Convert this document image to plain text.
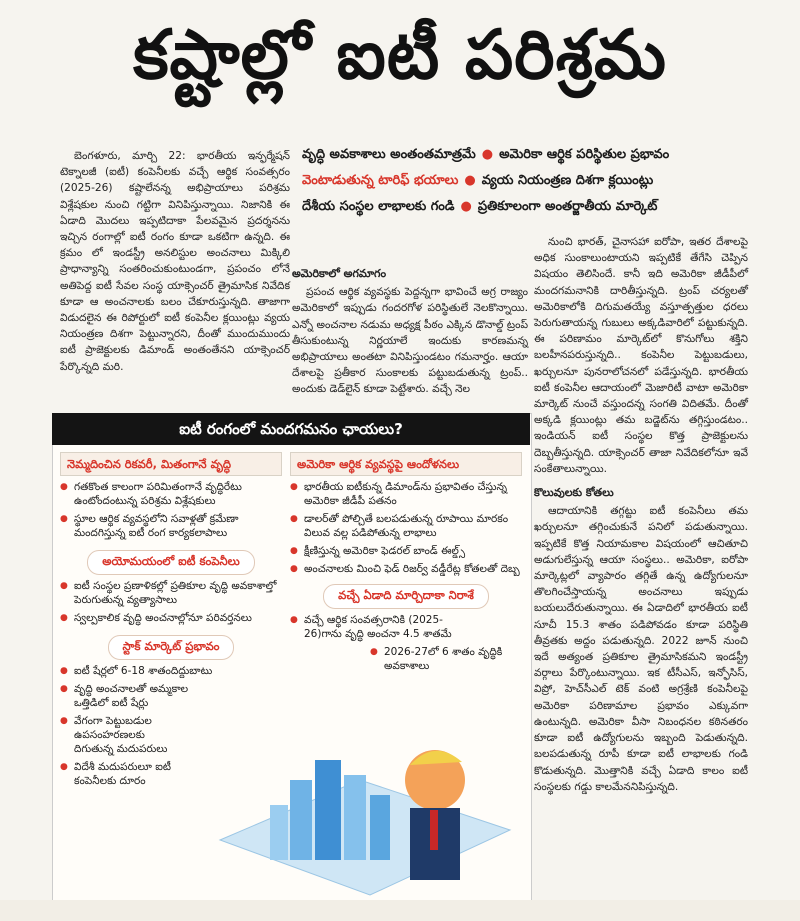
కష్టాల్లో ఐటీ పరిశ్రమ
వృద్ధి అవకాశాలు అంతంతమాత్రమే ● అమెరికా ఆర్థిక పరిస్థితుల ప్రభావం
వెంటాడుతున్న టారిఫ్ భయాలు ● వ్యయ నియంత్రణ దిశగా క్లయింట్లు
దేశీయ సంస్థల లాభాలకు గండి ● ప్రతికూలంగా అంతర్జాతీయ మార్కెట్

బెంగళూరు, మార్చి 22: భారతీయ ఇన్ఫర్మేషన్ టెక్నాలజీ (ఐటీ) కంపెనీలకు వచ్చే ఆర్థిక సంవత్సరం (2025-26) కష్టాలేనన్న అభిప్రాయాలు పరిశ్రమ విశ్లేషకుల నుంచి గట్టిగా వినిపిస్తున్నాయి. నిజానికి ఈ ఏడాది మొదలు ఇప్పటిదాకా పేలవమైన ప్రదర్శనను ఇచ్చిన రంగాల్లో ఐటీ రంగం కూడా ఒకటిగా ఉన్నది. ఈ క్రమం లో ఇండస్ట్రీ అనలిస్టుల అంచనాలు మిక్కిలి ప్రాధాన్యాన్ని సంతరించుకుంటుండగా, ప్రపంచం లోనే అతిపెద్ద ఐటీ సేవల సంస్థ యాక్సెంచర్ త్రైమాసిక నివేదిక కూడా ఆ అంచనాలకు బలం చేకూరుస్తున్నది. తాజాగా విడుదలైన ఈ రిపోర్టులో ఐటీ కంపెనీల క్లయింట్లు వ్యయ నియంత్రణ దిశగా పెట్టున్నారని, దీంతో ముందుముందు ఐటీ ప్రాజెక్టులకు డిమాండ్ అంతంతేనని యాక్సెంచర్ పేర్కొన్నది మరి.

అమెరికాలో అగమాగం

ప్రపంచ ఆర్థిక వ్యవస్థకు పెద్దన్నగా భావించే అగ్ర రాజ్యం అమెరికాలో ఇప్పుడు గందరగోళ పరిస్థితులే నెలకొన్నాయి. ఎన్నో అంచనాల నడుమ అధ్యక్ష పీఠం ఎక్కిన డొనాల్డ్ ట్రంప్ తీసుకుంటున్న నిర్ణయాలే ఇందుకు కారణమన్న అభిప్రాయాలు అంతటా వినిపిస్తుండటం గమనార్హం. ఆయా దేశాలపై ప్రతీకార సుంకాలకు పట్టుబడుతున్న ట్రంప్.. అందుకు డెడ్‌లైన్ కూడా పెట్టేశారు. వచ్చే నెల

నుంచి భారత్, చైనాసహా ఐరోపా, ఇతర దేశాలపై అధిక సుంకాలుంటాయని ఇప్పటికే తేగేసి చెప్పిన విషయం తెలిసిందే. కానీ ఇది అమెరికా జీడీపీలో మందగమనానికి దారితీస్తున్నది. ట్రంప్ చర్యలతో అమెరికాలోకి దిగుమతయ్యే వస్తూత్పత్తుల ధరలు పెరుగుతాయన్న గుబులు అక్కడివారిలో పట్టుకున్నది. ఈ పరిణామం మార్కెట్‌లో కొనుగోలు శక్తిని బలహీనపరుస్తున్నది.. కంపెనీల పెట్టుబడులు, ఖర్చులనూ పునరాలోచనలో పడేస్తున్నది. భారతీయ ఐటీ కంపెనీల ఆదాయంలో మెజారిటీ వాటా అమెరికా మార్కెట్ నుంచే వస్తుందన్న సంగతి విదితమే. దీంతో అక్కడి క్లయింట్లు తమ బడ్జెట్‌ను తగ్గిస్తుండటం.. ఇండియన్ ఐటీ సంస్థల కొత్త ప్రాజెక్టులను దెబ్బతీస్తున్నది. యాక్సెంచర్ తాజా నివేదికలోనూ ఇవే సంకేతాలున్నాయి.

కొలువులకు కోతలు

ఆదాయానికి తగ్గట్టు ఐటీ కంపెనీలు తమ ఖర్చులనూ తగ్గించుకునే పనిలో పడుతున్నాయి. ఇప్పటికే కొత్త నియామకాల విషయంలో ఆచితూచి అడుగులేస్తున్న ఆయా సంస్థలు.. అమెరికా, ఐరోపా మార్కెట్లలో వ్యాపారం తగ్గితే ఉన్న ఉద్యోగులనూ తొలగించేస్తాయన్న అంచనాలు ఇప్పుడు బయలుదేరుతున్నాయి. ఈ ఏడాదిలో భారతీయ ఐటీ సూచీ 15.3 శాతం పడిపోవడం కూడా పరిస్థితి తీవ్రతకు అద్దం పడుతున్నది. 2022 జూన్ నుంచి ఇదే అత్యంత ప్రతికూల త్రైమాసికమని ఇండస్ట్రీ వర్గాలు పేర్కొంటున్నాయి. ఇక టీసీఎస్, ఇన్ఫోసిస్, విప్రో, హెచ్‌సీఎల్ టెక్ వంటి అగ్రశ్రేణి కంపెనీలపై అమెరికా పరిణామాల ప్రభావం ఎక్కువగా ఉంటున్నది. అమెరికా వీసా నిబంధనల కఠినతరం కూడా ఐటీ ఉద్యోగులను ఇబ్బంది పెడుతున్నది. బలపడుతున్న రూపీ కూడా ఐటీ లాభాలకు గండి కొడుతున్నది. మొత్తానికి వచ్చే ఏడాది కాలం ఐటీ సంస్థలకు గడ్డు కాలమేననిపిస్తున్నది.

ఐటీ రంగంలో మందగమనం ఛాయలు?
నెమ్మదించిన రికవరీ, మితంగానే వృద్ధి
● గతకొంత కాలంగా పరిమితంగానే వృద్ధిరేటు ఉంటోందంటున్న పరిశ్రమ విశ్లేషకులు
● స్థూల ఆర్థిక వ్యవస్థలోని సవాళ్లతో క్రమేణా మందగిస్తున్న ఐటీ రంగ కార్యకలాపాలు
అయోమయంలో ఐటీ కంపెనీలు
● ఐటీ సంస్థల ప్రణాళికల్లో ప్రతికూల వృద్ధి అవకాశాల్తో పెరుగుతున్న వ్యత్యాసాలు
● స్వల్పకాలిక వృద్ధి అంచనాల్లోనూ పరివర్తనలు
స్టాక్ మార్కెట్ ప్రభావం
● ఐటీ షేర్లలో 6-18 శాతందిద్దుబాటు
● వృద్ధి అంచనాలతో అమ్మకాల ఒత్తిడిలో ఐటీ షేర్లు
● వేగంగా పెట్టుబడుల ఉపసంహరణలకు దిగుతున్న మదుపరులు
● విదేశీ మదుపరులూ ఐటీ కంపెనీలకు దూరం
అమెరికా ఆర్థిక వ్యవస్థపై ఆందోళనలు
● భారతీయ ఐటీకున్న డిమాండ్‌ను ప్రభావితం చేస్తున్న అమెరికా జీడీపీ పతనం
● డాలర్‌తో పోల్చితే బలపడుతున్న రూపాయి మారకం విలువ వల్ల పడిపోతున్న లాభాలు
● క్షీణిస్తున్న అమెరికా ఫెడరల్ బాండ్ ఈల్డ్స్
● అంచనాలకు మించి ఫెడ్ రిజర్వ్ వడ్డీరేట్ల కోతలతో దెబ్బ
వచ్చే ఏడాది మార్చిదాకా నిరాశే
● వచ్చే ఆర్థిక సంవత్సరానికి (2025-26)గాను వృద్ధి అంచనా 4.5 శాతమే
● 2026-27లో 6 శాతం వృద్ధికి అవకాశాలు
